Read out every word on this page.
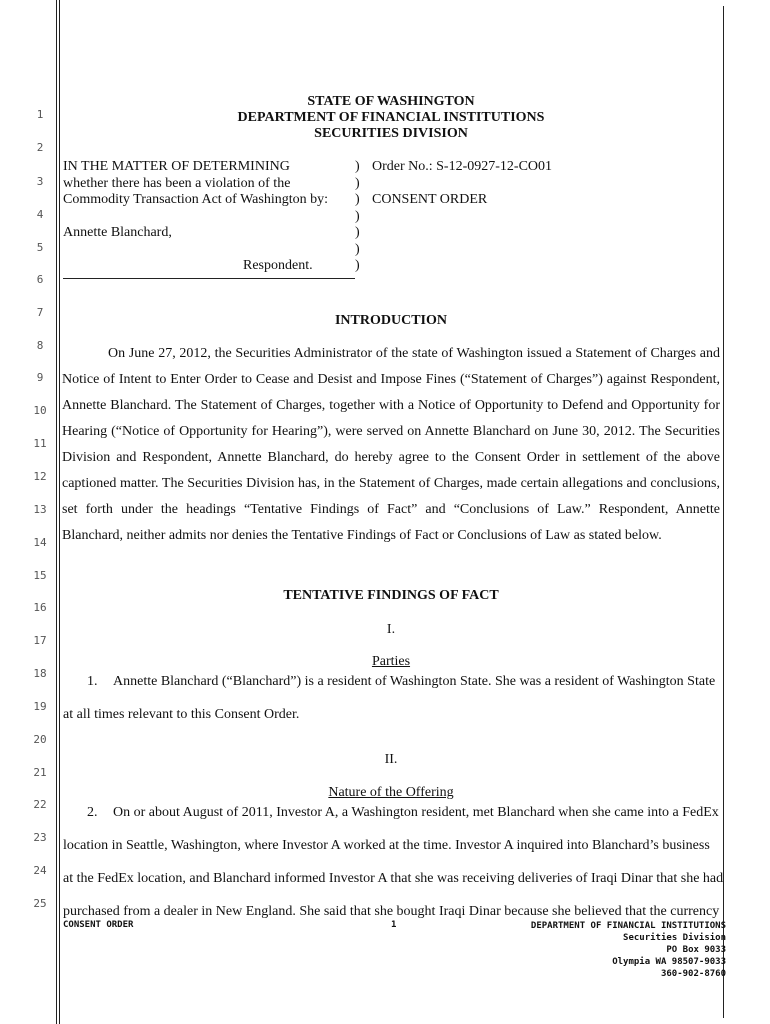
1
2
3
4
5
6
7
8
9
10
11
12
13
14
15
16
17
18
19
20
21
22
23
24
25
STATE OF WASHINGTON
DEPARTMENT OF FINANCIAL INSTITUTIONS
SECURITIES DIVISION
IN THE MATTER OF DETERMINING
whether there has been a violation of the
Commodity Transaction Act of Washington by:
Annette Blanchard,
Respondent.
)
)
)
)
)
)
)
Order No.: S-12-0927-12-CO01
CONSENT ORDER
INTRODUCTION
On June 27, 2012, the Securities Administrator of the state of Washington issued a Statement of Charges and Notice of Intent to Enter Order to Cease and Desist and Impose Fines (“Statement of Charges”) against Respondent, Annette Blanchard. The Statement of Charges, together with a Notice of Opportunity to Defend and Opportunity for Hearing (“Notice of Opportunity for Hearing”), were served on Annette Blanchard on June 30, 2012. The Securities Division and Respondent, Annette Blanchard, do hereby agree to the Consent Order in settlement of the above captioned matter. The Securities Division has, in the Statement of Charges, made certain allegations and conclusions, set forth under the headings “Tentative Findings of Fact” and “Conclusions of Law.” Respondent, Annette Blanchard, neither admits nor denies the Tentative Findings of Fact or Conclusions of Law as stated below.
TENTATIVE FINDINGS OF FACT
I.
Parties
1. Annette Blanchard (“Blanchard”) is a resident of Washington State. She was a resident of Washington State
at all times relevant to this Consent Order.
II.
Nature of the Offering
2. On or about August of 2011, Investor A, a Washington resident, met Blanchard when she came into a FedEx
location in Seattle, Washington, where Investor A worked at the time. Investor A inquired into Blanchard’s business
at the FedEx location, and Blanchard informed Investor A that she was receiving deliveries of Iraqi Dinar that she had
purchased from a dealer in New England. She said that she bought Iraqi Dinar because she believed that the currency
CONSENT ORDER	1	DEPARTMENT OF FINANCIAL INSTITUTIONS
Securities Division
PO Box 9033
Olympia WA 98507-9033
360-902-8760
